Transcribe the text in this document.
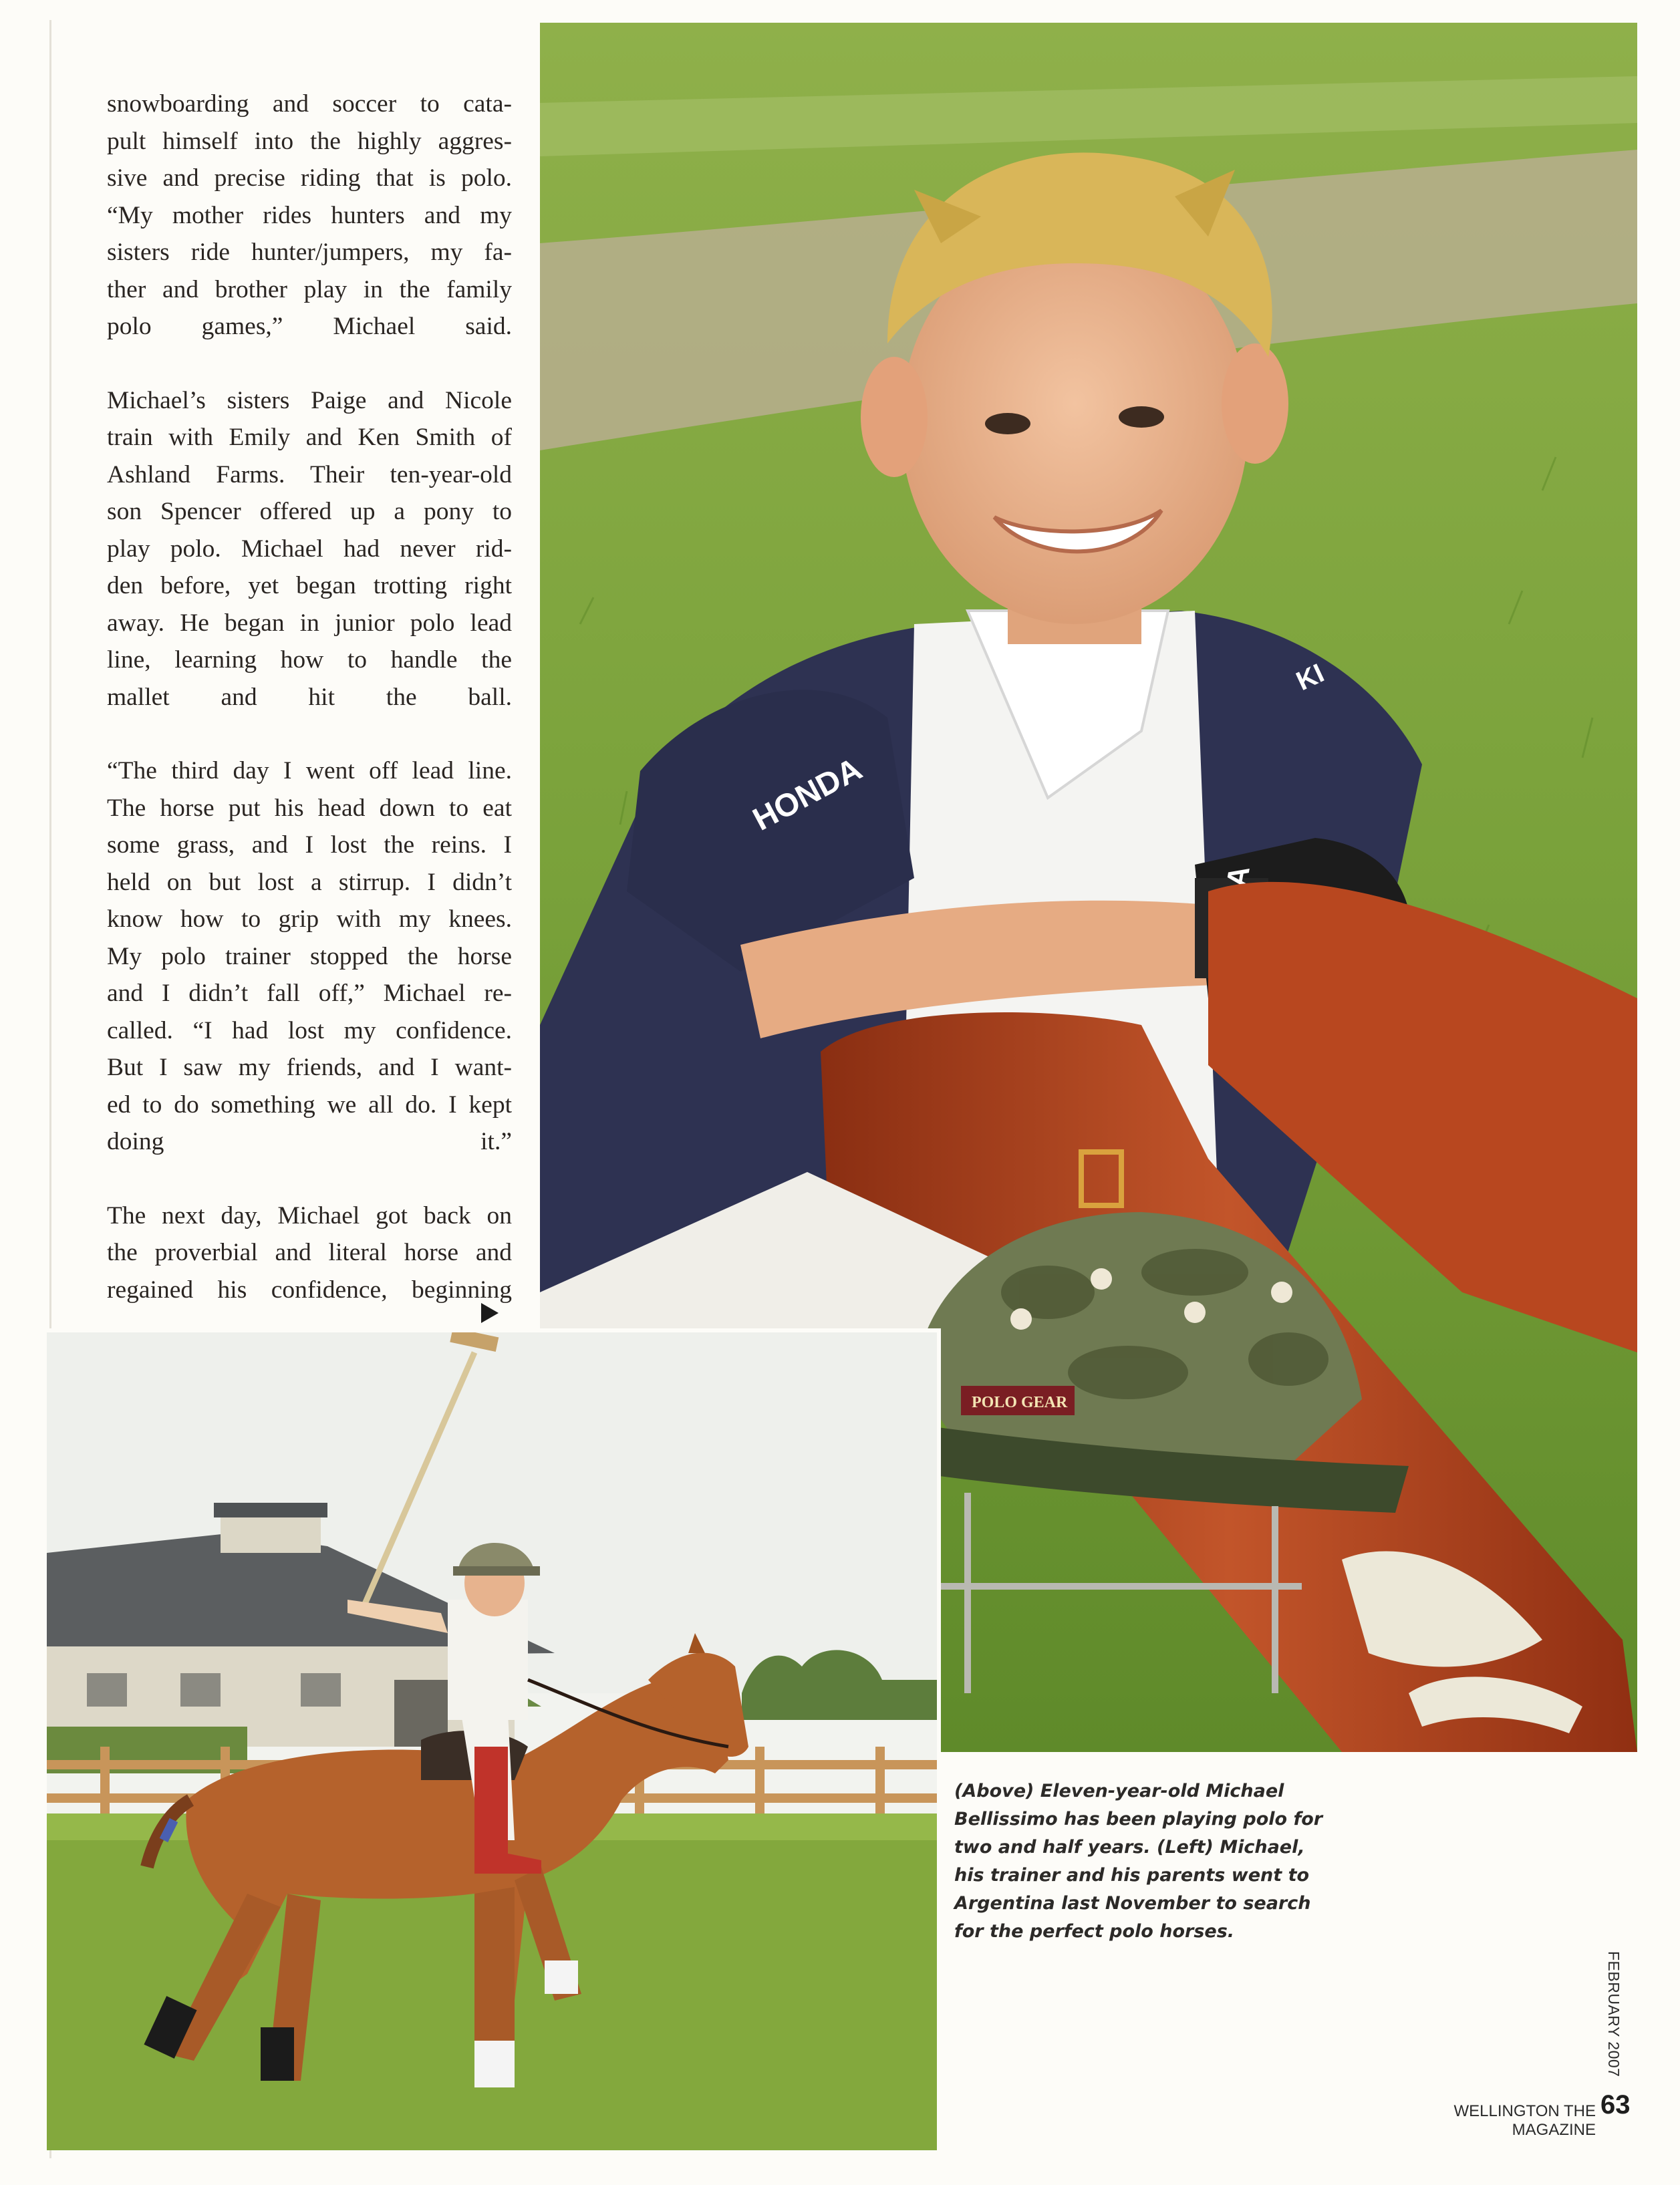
snowboarding and soccer to cata-
pult himself into the highly aggres-
sive and precise riding that is polo.
“My mother rides hunters and my
sisters ride hunter/jumpers, my fa-
ther and brother play in the family
polo games,” Michael said.

Michael’s sisters Paige and Nicole
train with Emily and Ken Smith of
Ashland Farms. Their ten-year-old
son Spencer offered up a pony to
play polo. Michael had never rid-
den before, yet began trotting right
away. He began in junior polo lead
line, learning how to handle the
mallet and hit the ball.

“The third day I went off lead line.
The horse put his head down to eat
some grass, and I lost the reins. I
held on but lost a stirrup. I didn’t
know how to grip with my knees.
My polo trainer stopped the horse
and I didn’t fall off,” Michael re-
called. “I had lost my confidence.
But I saw my friends, and I want-
ed to do something we all do. I kept
doing it.”

The next day, Michael got back on
the proverbial and literal horse and
regained his confidence, beginning

HONDA
KI
POLO GEAR
(Above) Eleven-year-old Michael
Bellissimo has been playing polo for
two and half years. (Left) Michael,
his trainer and his parents went to
Argentina last November to search
for the perfect polo horses.
FEBRUARY 2007
WELLINGTON THE MAGAZINE
63
